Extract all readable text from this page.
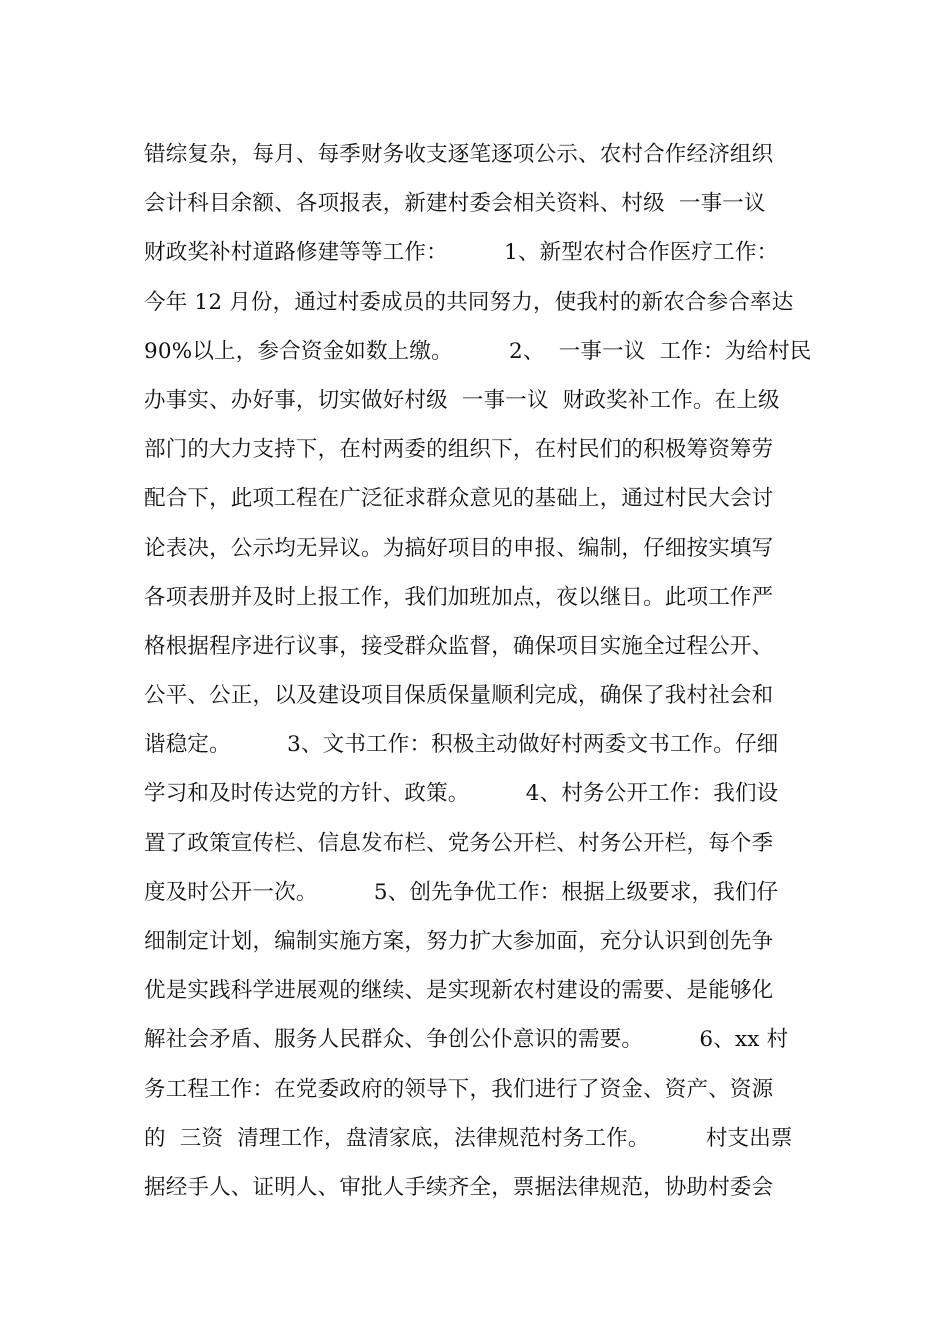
错综复杂，每月、每季财务收支逐笔逐项公示、农村合作经济组织
会计科目余额、各项报表，新建村委会相关资料、村级  一事一议
财政奖补村道路修建等等工作：        1、新型农村合作医疗工作：
今年 12 月份，通过村委成员的共同努力，使我村的新农合参合率达
90%以上，参合资金如数上缴。        2、  一事一议  工作：为给村民
办事实、办好事，切实做好村级  一事一议  财政奖补工作。在上级
部门的大力支持下，在村两委的组织下，在村民们的积极筹资筹劳
配合下，此项工程在广泛征求群众意见的基础上，通过村民大会讨
论表决，公示均无异议。为搞好项目的申报、编制，仔细按实填写
各项表册并及时上报工作，我们加班加点，夜以继日。此项工作严
格根据程序进行议事，接受群众监督，确保项目实施全过程公开、
公平、公正，以及建设项目保质保量顺利完成，确保了我村社会和
谐稳定。        3、文书工作：积极主动做好村两委文书工作。仔细
学习和及时传达党的方针、政策。        4、村务公开工作：我们设
置了政策宣传栏、信息发布栏、党务公开栏、村务公开栏，每个季
度及时公开一次。        5、创先争优工作：根据上级要求，我们仔
细制定计划，编制实施方案，努力扩大参加面，充分认识到创先争
优是实践科学进展观的继续、是实现新农村建设的需要、是能够化
解社会矛盾、服务人民群众、争创公仆意识的需要。        6、xx 村
务工程工作：在党委政府的领导下，我们进行了资金、资产、资源
的  三资  清理工作，盘清家底，法律规范村务工作。        村支出票
据经手人、证明人、审批人手续齐全，票据法律规范，协助村委会
